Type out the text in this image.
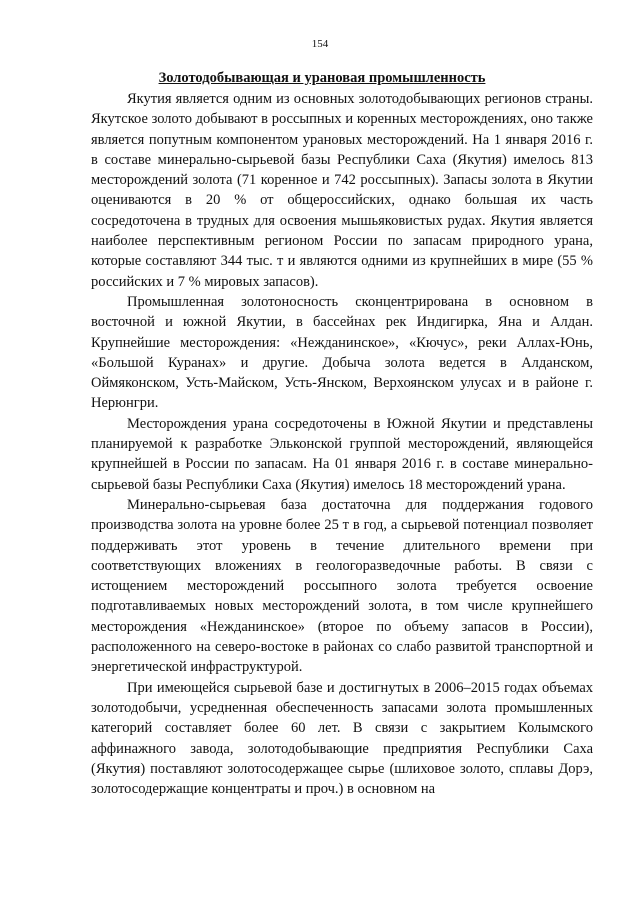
154
Золотодобывающая и урановая промышленность

Якутия является одним из основных золотодобывающих регионов страны. Якутское золото добывают в россыпных и коренных месторождениях, оно также является попутным компонентом урановых месторождений. На 1 января 2016 г. в составе минерально-сырьевой базы Республики Саха (Якутия) имелось 813 месторождений золота (71 коренное и 742 россыпных). Запасы золота в Якутии оцениваются в 20 % от общероссийских, однако большая их часть сосредоточена в трудных для освоения мышьяковистых рудах. Якутия является наиболее перспективным регионом России по запасам природного урана, которые составляют 344 тыс. т и являются одними из крупнейших в мире (55 % российских и 7 % мировых запасов).

Промышленная золотоносность сконцентрирована в основном в восточной и южной Якутии, в бассейнах рек Индигирка, Яна и Алдан. Крупнейшие месторождения: «Нежданинское», «Кючус», реки Аллах-Юнь, «Большой Куранах» и другие. Добыча золота ведется в Алданском, Оймяконском, Усть-Майском, Усть-Янском, Верхоянском улусах и в районе г. Нерюнгри.

Месторождения урана сосредоточены в Южной Якутии и представлены планируемой к разработке Эльконской группой месторождений, являющейся крупнейшей в России по запасам. На 01 января 2016 г. в составе минерально-сырьевой базы Республики Саха (Якутия) имелось 18 месторождений урана.

Минерально-сырьевая база достаточна для поддержания годового производства золота на уровне более 25 т в год, а сырьевой потенциал позволяет поддерживать этот уровень в течение длительного времени при соответствующих вложениях в геологоразведочные работы. В связи с истощением месторождений россыпного золота требуется освоение подготавливаемых новых месторождений золота, в том числе крупнейшего месторождения «Нежданинское» (второе по объему запасов в России), расположенного на северо-востоке в районах со слабо развитой транспортной и энергетической инфраструктурой.

При имеющейся сырьевой базе и достигнутых в 2006–2015 годах объемах золотодобычи, усредненная обеспеченность запасами золота промышленных категорий составляет более 60 лет. В связи с закрытием Колымского аффинажного завода, золотодобывающие предприятия Республики Саха (Якутия) поставляют золотосодержащее сырье (шлиховое золото, сплавы Дорэ, золотосодержащие концентраты и проч.) в основном на
